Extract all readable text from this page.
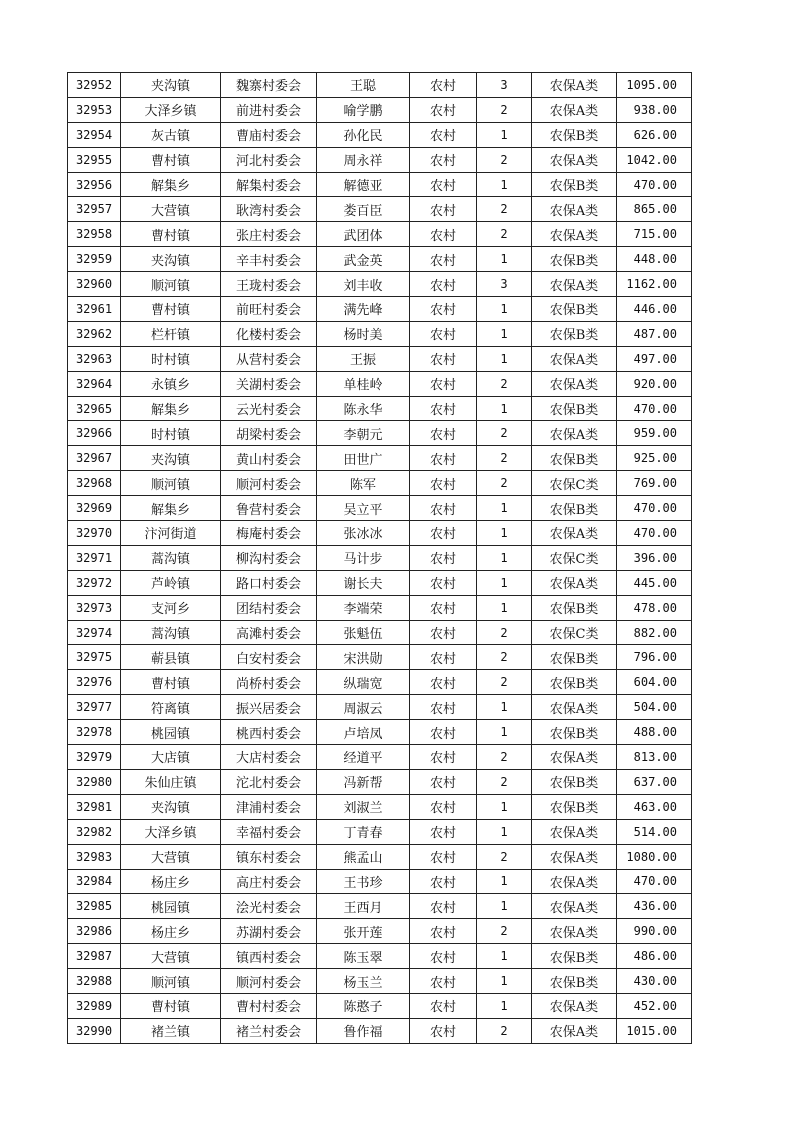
32952	夹沟镇	魏寨村委会	王聪	农村	3	农保A类	1095.00
32953	大泽乡镇	前进村委会	喻学鹏	农村	2	农保A类	938.00
32954	灰古镇	曹庙村委会	孙化民	农村	1	农保B类	626.00
32955	曹村镇	河北村委会	周永祥	农村	2	农保A类	1042.00
32956	解集乡	解集村委会	解德亚	农村	1	农保B类	470.00
32957	大营镇	耿湾村委会	娄百臣	农村	2	农保A类	865.00
32958	曹村镇	张庄村委会	武团体	农村	2	农保A类	715.00
32959	夹沟镇	辛丰村委会	武金英	农村	1	农保B类	448.00
32960	顺河镇	王珑村委会	刘丰收	农村	3	农保A类	1162.00
32961	曹村镇	前旺村委会	满先峰	农村	1	农保B类	446.00
32962	栏杆镇	化楼村委会	杨时美	农村	1	农保B类	487.00
32963	时村镇	从营村委会	王振	农村	1	农保A类	497.00
32964	永镇乡	关湖村委会	单桂岭	农村	2	农保A类	920.00
32965	解集乡	云光村委会	陈永华	农村	1	农保B类	470.00
32966	时村镇	胡梁村委会	李朝元	农村	2	农保A类	959.00
32967	夹沟镇	黄山村委会	田世广	农村	2	农保B类	925.00
32968	顺河镇	顺河村委会	陈军	农村	2	农保C类	769.00
32969	解集乡	鲁营村委会	吴立平	农村	1	农保B类	470.00
32970	汴河街道	梅庵村委会	张冰冰	农村	1	农保A类	470.00
32971	蒿沟镇	柳沟村委会	马计步	农村	1	农保C类	396.00
32972	芦岭镇	路口村委会	谢长夫	农村	1	农保A类	445.00
32973	支河乡	团结村委会	李端荣	农村	1	农保B类	478.00
32974	蒿沟镇	高滩村委会	张魁伍	农村	2	农保C类	882.00
32975	蕲县镇	白安村委会	宋洪勋	农村	2	农保B类	796.00
32976	曹村镇	尚桥村委会	纵瑞宽	农村	2	农保B类	604.00
32977	符离镇	振兴居委会	周淑云	农村	1	农保A类	504.00
32978	桃园镇	桃西村委会	卢培凤	农村	1	农保B类	488.00
32979	大店镇	大店村委会	经道平	农村	2	农保A类	813.00
32980	朱仙庄镇	沱北村委会	冯新帮	农村	2	农保B类	637.00
32981	夹沟镇	津浦村委会	刘淑兰	农村	1	农保B类	463.00
32982	大泽乡镇	幸福村委会	丁青春	农村	1	农保A类	514.00
32983	大营镇	镇东村委会	熊孟山	农村	2	农保A类	1080.00
32984	杨庄乡	高庄村委会	王书珍	农村	1	农保A类	470.00
32985	桃园镇	浍光村委会	王西月	农村	1	农保A类	436.00
32986	杨庄乡	苏湖村委会	张开莲	农村	2	农保A类	990.00
32987	大营镇	镇西村委会	陈玉翠	农村	1	农保B类	486.00
32988	顺河镇	顺河村委会	杨玉兰	农村	1	农保B类	430.00
32989	曹村镇	曹村村委会	陈憨子	农村	1	农保A类	452.00
32990	褚兰镇	褚兰村委会	鲁作福	农村	2	农保A类	1015.00
